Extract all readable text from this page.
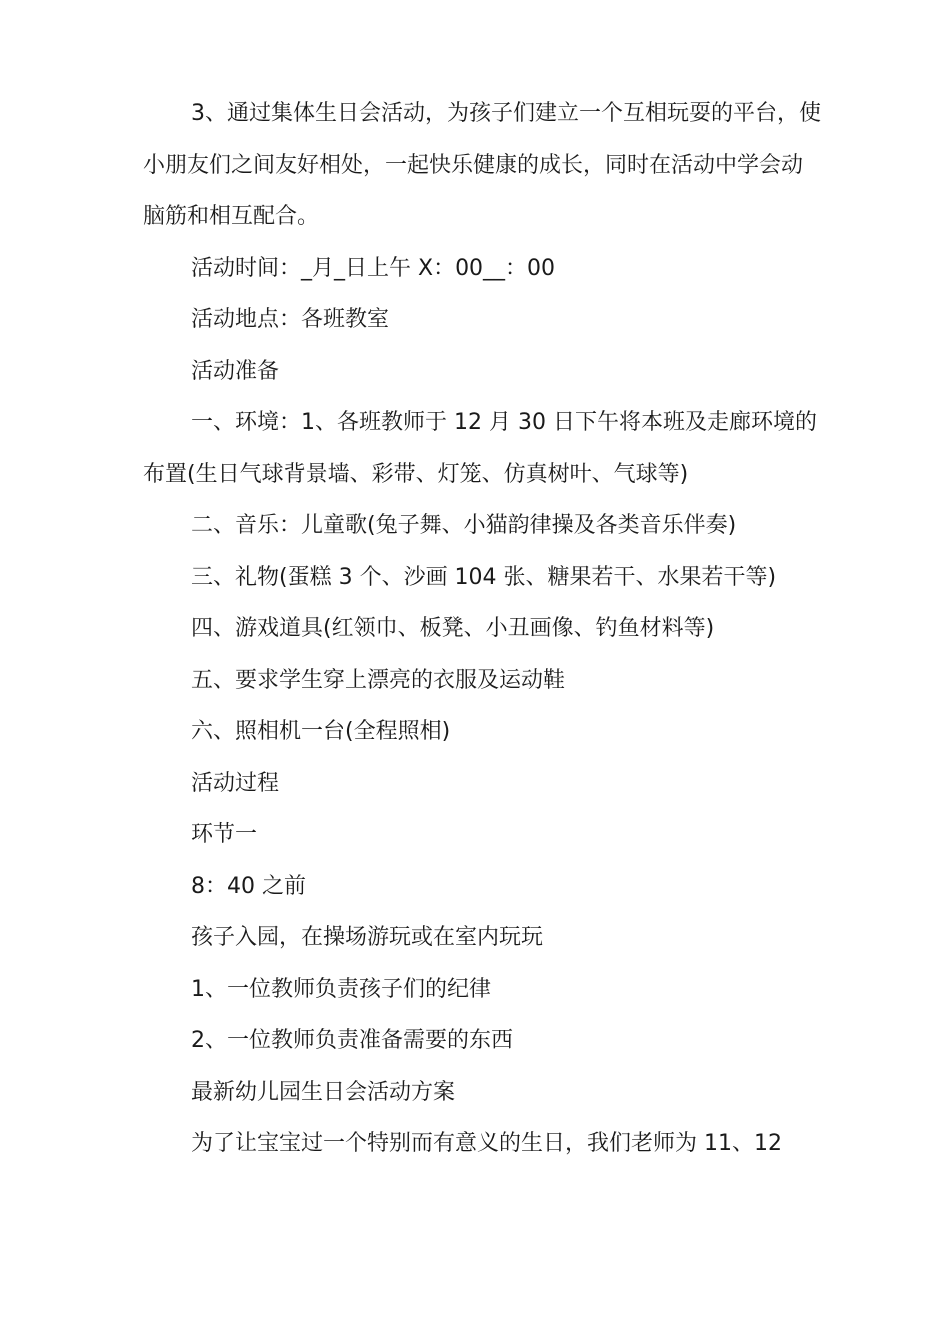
3、通过集体生日会活动，为孩子们建立一个互相玩耍的平台，使小朋友们之间友好相处，一起快乐健康的成长，同时在活动中学会动脑筋和相互配合。

活动时间：_月_日上午 X：00__：00

活动地点：各班教室

活动准备

一、环境：1、各班教师于 12 月 30 日下午将本班及走廊环境的布置(生日气球背景墙、彩带、灯笼、仿真树叶、气球等)

二、音乐：儿童歌(兔子舞、小猫韵律操及各类音乐伴奏)

三、礼物(蛋糕 3 个、沙画 104 张、糖果若干、水果若干等)

四、游戏道具(红领巾、板凳、小丑画像、钓鱼材料等)

五、要求学生穿上漂亮的衣服及运动鞋

六、照相机一台(全程照相)

活动过程

环节一

8：40 之前

孩子入园，在操场游玩或在室内玩玩

1、一位教师负责孩子们的纪律

2、一位教师负责准备需要的东西

最新幼儿园生日会活动方案

为了让宝宝过一个特别而有意义的生日，我们老师为 11、12
